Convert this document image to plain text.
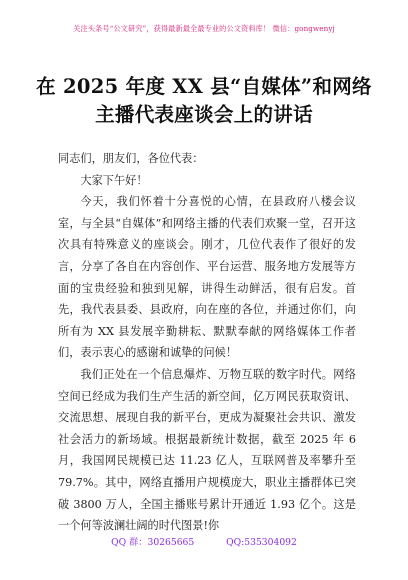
关注头条号“公文研究”，获得最新最全最专业的公文资料库！ 微信：gongwenyj
在 2025 年度 XX 县“自媒体”和网络主播代表座谈会上的讲话

同志们，朋友们，各位代表：

大家下午好！

今天，我们怀着十分喜悦的心情，在县政府八楼会议室，与全县“自媒体”和网络主播的代表们欢聚一堂，召开这次具有特殊意义的座谈会。刚才，几位代表作了很好的发言，分享了各自在内容创作、平台运营、服务地方发展等方面的宝贵经验和独到见解，讲得生动鲜活，很有启发。首先，我代表县委、县政府，向在座的各位，并通过你们，向所有为 XX 县发展辛勤耕耘、默默奉献的网络媒体工作者们，表示衷心的感谢和诚挚的问候！

我们正处在一个信息爆炸、万物互联的数字时代。网络空间已经成为我们生产生活的新空间，亿万网民获取资讯、交流思想、展现自我的新平台，更成为凝聚社会共识、激发社会活力的新场域。根据最新统计数据，截至 2025 年 6 月，我国网民规模已达 11.23 亿人，互联网普及率攀升至 79.7%。其中，网络直播用户规模庞大，职业主播群体已突破 3800 万人，全国主播账号累计开通近 1.93 亿个。这是一个何等波澜壮阔的时代图景!你

QQ 群：30265665	QQ:535304092
